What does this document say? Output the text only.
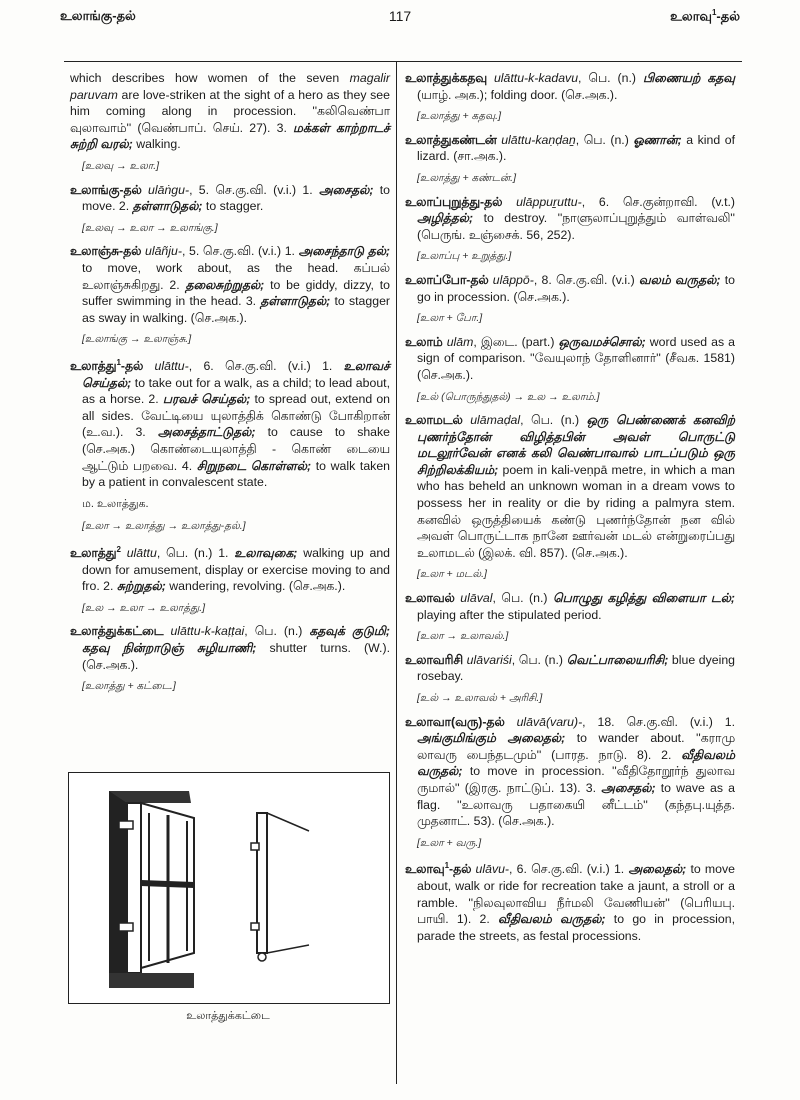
உலாங்கு-தல்	117	உலாவு$^1$-தல்
which describes how women of the seven magalir paruvam are love-striken at the sight of a hero as they see him coming along in procession. ''கலிவெண்பா வுலாவாம்'' (வெண்பாப். செய். 27). 3. மக்கள் காற்றாடச் சுற்றி வரல்; walking.
[உலவு → உலா.]
உலாங்கு-தல் ulāṅgu-, 5. செ.கு.வி. (v.i.) 1. அசைதல்; to move. 2. தள்ளாடுதல்; to stagger.
[உலவு → உலா → உலாங்கு.]
உலாஞ்சு-தல் ulāñju-, 5. செ.கு.வி. (v.i.) 1. அசைந்தாடு தல்; to move, work about, as the head. கப்பல் உலாஞ்சுகிறது. 2. தலைசுற்றுதல்; to be giddy, dizzy, to suffer swimming in the head. 3. தள்ளாடுதல்; to stagger as sway in walking. (செ.அக.).
[உலாங்கு → உலாஞ்சு.]
உலாத்து$^1$-தல் ulāttu-, 6. செ.கு.வி. (v.i.) 1. உலாவச் செய்தல்; to take out for a walk, as a child; to lead about, as a horse. 2. பரவச் செய்தல்; to spread out, extend on all sides. வேட்டியை யுலாத்திக் கொண்டு போகிறான் (உ.வ.). 3. அசைத்தாட்டுதல்; to cause to shake (செ.அக.) கொண்டையுலாத்தி - கொண் டையை ஆட்டும் பறவை. 4. சிறுநடை கொள்ளல்; to walk taken by a patient in convalescent state.
ம. உலாத்துக.
[உலா → உலாத்து → உலாத்து-தல்.]
உலாத்து$^2$ ulāttu, பெ. (n.) 1. உலாவுகை; walking up and down for amusement, display or exercise moving to and fro. 2. சுற்றுதல்; wandering, revolving. (செ.அக.).
[உல → உலா → உலாத்து.]
உலாத்துக்கட்டை ulāttu-k-kaṭṭai, பெ. (n.) கதவுக் குடுமி; கதவு நின்றாடுஞ் சுழியாணி; shutter turns. (W.). (செ.அக.).
[உலாத்து + கட்டை.]
உலாத்துக்கட்டை
உலாத்துக்கதவு ulāttu-k-kadavu, பெ. (n.) பிணையற் கதவு (யாழ். அக.); folding door. (செ.அக.).
[உலாத்து + கதவு.]
உலாத்துகண்டன் ulāttu-kaṇḍaṉ, பெ. (n.) ஓணான்; a kind of lizard. (சா.அக.).
[உலாத்து + கண்டன்.]
உலாப்புறுத்து-தல் ulāppuṟuttu-, 6. செ.குன்றாவி. (v.t.) அழித்தல்; to destroy. ''நாளுலாப்புறுத்தும் வாள்வலி'' (பெருங். உஞ்சைக். 56, 252).
[உலாப்பு + உறுத்து.]
உலாப்போ-தல் ulāppō-, 8. செ.கு.வி. (v.i.) வலம் வருதல்; to go in procession. (செ.அக.).
[உலா + போ.]
உலாம் ulām, இடை. (part.) ஒருவமச்சொல்; word used as a sign of comparison. ''வேயுலாந் தோளினார்'' (சீவக. 1581) (செ.அக.).
[உல் (பொருந்துதல்) → உல → உலாம்.]
உலாமடல் ulāmaḍal, பெ. (n.) ஒரு பெண்ணைக் கனவிற் புணர்ந்தோன் விழித்தபின் அவள் பொருட்டு மடலூர்வேன் எனக் கலி வெண்பாவால் பாடப்படும் ஒரு சிற்றிலக்கியம்; poem in kali-veṇpā metre, in which a man who has beheld an unknown woman in a dream vows to possess her in reality or die by riding a palmyra stem. கனவில் ஒருத்தியைக் கண்டு புணர்ந்தோன் நன வில் அவள் பொருட்டாக நானே ஊர்வன் மடல் என்றுரைப்பது உலாமடல் (இலக். வி. 857). (செ.அக.).
[உலா + மடல்.]
உலாவல் ulāval, பெ. (n.) பொழுது கழித்து விளையா டல்; playing after the stipulated period.
[உலா → உலாவல்.]
உலாவரிசி ulāvariśi, பெ. (n.) வெட்பாலையரிசி; blue dyeing rosebay.
[உல் → உலாவல் + அரிசி.]
உலாவா(வரு)-தல் ulāvā(varu)-, 18. செ.கு.வி. (v.i.) 1. அங்குமிங்கும் அலைதல்; to wander about. ''கராமு லாவரு பைந்தடமும்'' (பாரத. நாடு. 8). 2. வீதிவலம் வருதல்; to move in procession. ''வீதிதோறூர்ந் துலாவ ருமால்'' (இரகு. நாட்டுப். 13). 3. அசைதல்; to wave as a flag. ''உலாவரு பதாகையி னீட்டம்'' (கந்தபு.யுத்த. முதனாட். 53). (செ.அக.).
[உலா + வரு.]
உலாவு$^1$-தல் ulāvu-, 6. செ.கு.வி. (v.i.) 1. அலைதல்; to move about, walk or ride for recreation take a jaunt, a stroll or a ramble. ''நிலவுலாவிய நீர்மலி வேணியன்'' (பெரியபு. பாயி. 1). 2. வீதிவலம் வருதல்; to go in procession, parade the streets, as festal processions.
